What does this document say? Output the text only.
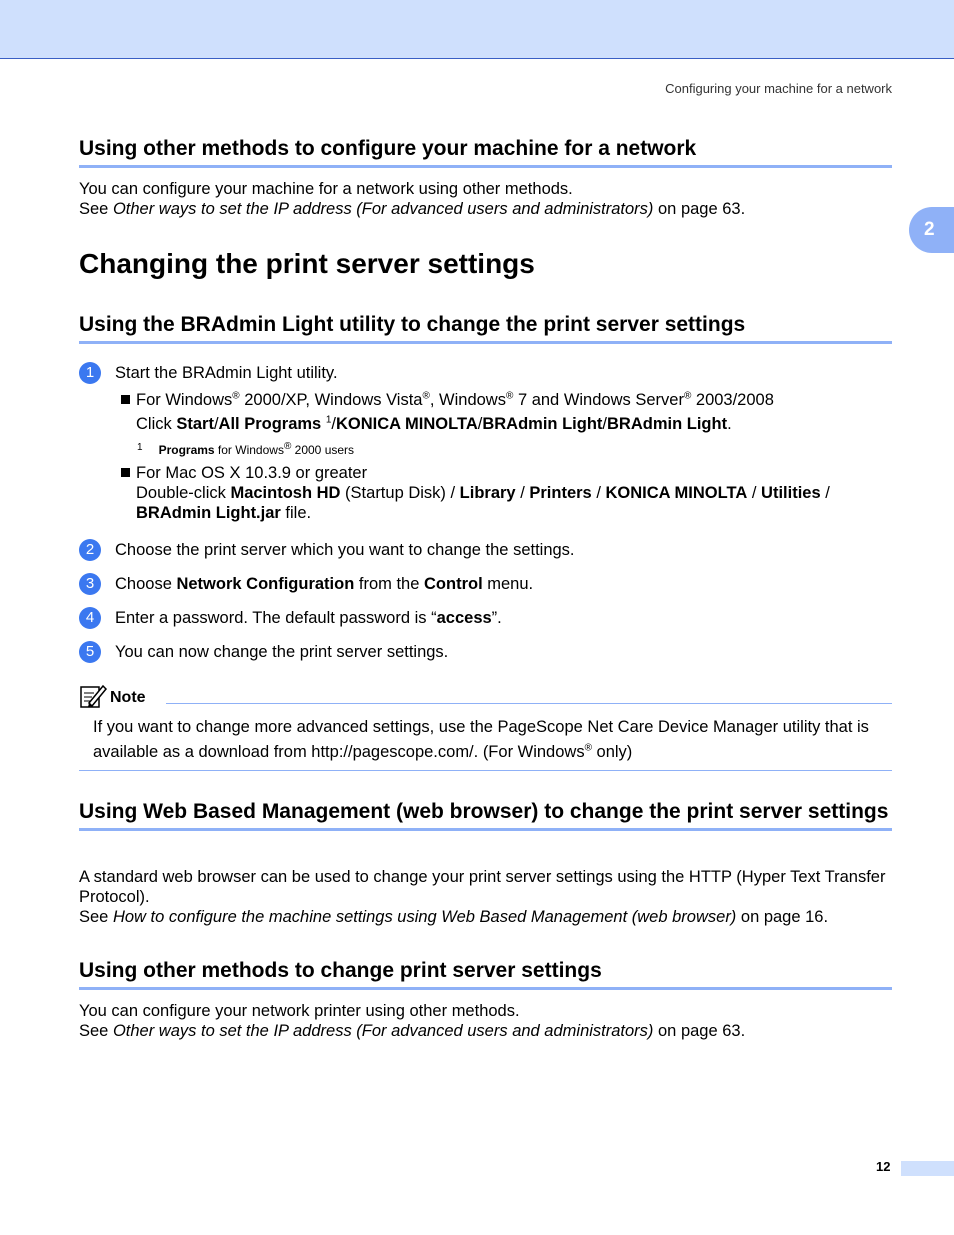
Configuring your machine for a network
2
Using other methods to configure your machine for a network
You can configure your machine for a network using other methods.
See Other ways to set the IP address (For advanced users and administrators) on page 63.
Changing the print server settings
Using the BRAdmin Light utility to change the print server settings
1	Start the BRAdmin Light utility.
For Windows® 2000/XP, Windows Vista®, Windows® 7 and Windows Server® 2003/2008
Click Start/All Programs $^1$/KONICA MINOLTA/BRAdmin Light/BRAdmin Light.
$^1$ Programs for Windows® 2000 users
For Mac OS X 10.3.9 or greater
Double-click Macintosh HD (Startup Disk) / Library / Printers / KONICA MINOLTA / Utilities /
BRAdmin Light.jar file.
2	Choose the print server which you want to change the settings.
3	Choose Network Configuration from the Control menu.
4	Enter a password. The default password is “access”.
5	You can now change the print server settings.
Note
If you want to change more advanced settings, use the PageScope Net Care Device Manager utility that is available as a download from http://pagescope.com/. (For Windows® only)
Using Web Based Management (web browser) to change the print server settings
A standard web browser can be used to change your print server settings using the HTTP (Hyper Text Transfer Protocol).
See How to configure the machine settings using Web Based Management (web browser) on page 16.
Using other methods to change print server settings
You can configure your network printer using other methods.
See Other ways to set the IP address (For advanced users and administrators) on page 63.
12
